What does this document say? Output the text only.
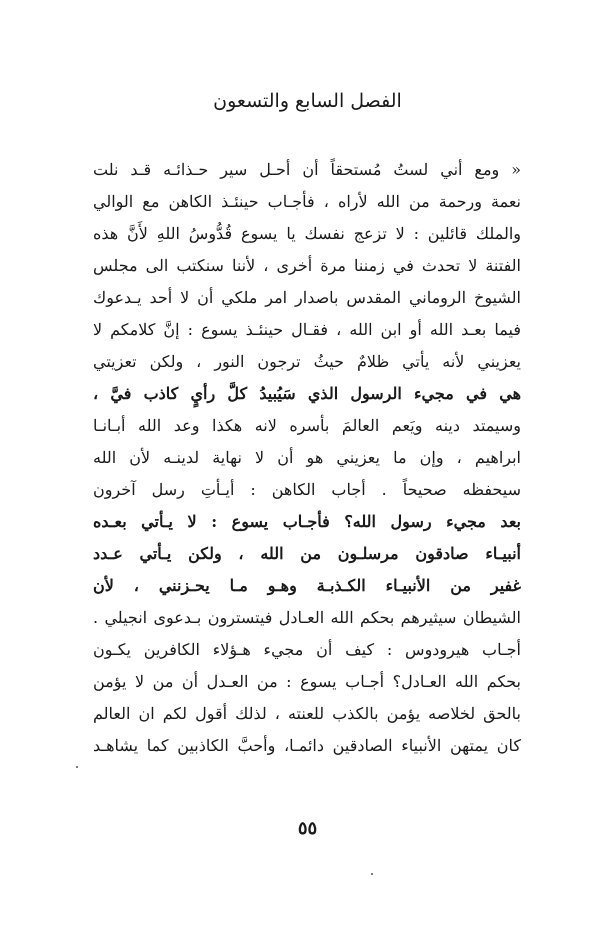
الفصل السابع والتسعون
« ومع أني لستُ مُستحقاً أن أحـل سير حـذائـه قـد نلت
نعمة ورحمة من الله لأراه ، فأجـاب حينئـذ الكاهن مع الوالي
والملك قائلين : لا تزعج نفسك يا يسوع قُدُّوسُ اللهِ لأَنَّ هذه
الفتنة لا تحدث في زمننا مرة أخرى ، لأننا سنكتب الى مجلس
الشيوخ الروماني المقدس باصدار امر ملكي أن لا أحد يـدعوك
فيما بعـد الله أو ابن الله ، فقـال حينئـذ يسوع : إنَّ كلامكم لا
يعزيني لأنه يأتي ظلامٌ حيثُ ترجون النور ، ولكن تعزيتي
هي في مجيء الرسول الذي سَيُبيدُ كلَّ رأيٍ كاذب فيَّ ،
وسيمتد دينه ويَعم العالمَ بأسره لانه هكذا وعد الله أبـانـا
ابراهيم ، وإن ما يعزيني هو أن لا نهاية لدينـه لأن الله
سيحفظه صحيحاً . أجاب الكاهن : أيـأتِ رسل آخرون
بعد مجيء رسول الله؟ فأجـاب يسوع : لا يـأتي بعـده
أنبيـاء صادقون مرسلـون من الله ، ولكن يـأتي عـدد
غفير من الأنبيـاء الكـذبـة وهـو مـا يحـزنني ، لأن
الشيطان سيثيرهم بحكم الله العـادل فيتسترون بـدعوى انجيلي .
أجـاب هيرودوس : كيف أن مجيء هـؤلاء الكافرين يكـون
بحكم الله العـادل؟ أجـاب يسوع : من العـدل أن من لا يؤمن
بالحق لخلاصه يؤمن بالكذب للعنته ، لذلك أقول لكم ان العالم
كان يمتهن الأنبياء الصادقين دائمـا، وأحبَّ الكاذبين كما يشاهـد
٥٥
